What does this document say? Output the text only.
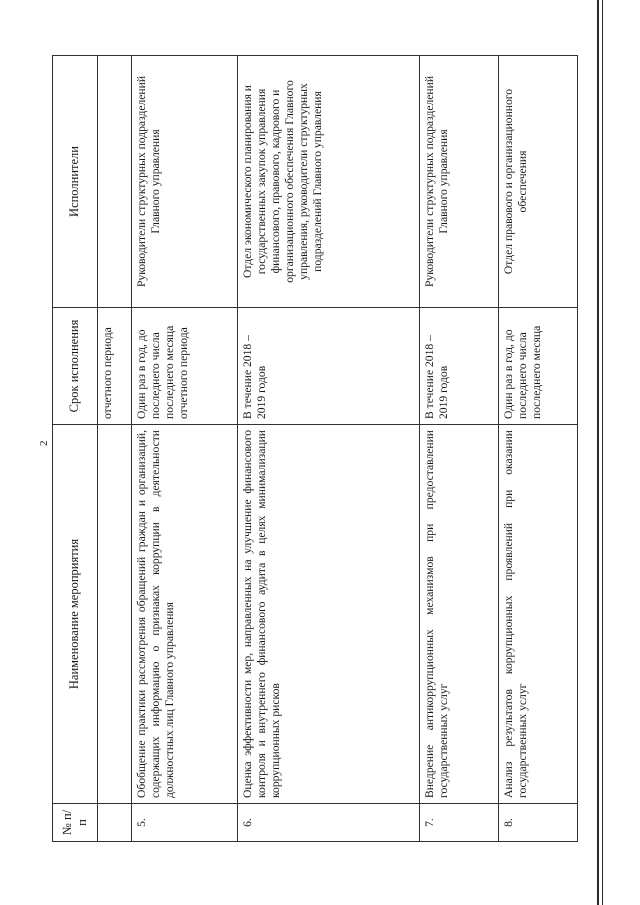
2
№ п/п	Наименование мероприятия	Срок исполнения	Исполнители
		отчетного периода	
5.	Обобщение практики рассмотрения обращений граждан и организаций, содержащих информацию о признаках коррупции в деятельности должностных лиц Главного управления	Один раз в год, до последнего числа последнего месяца отчетного периода	Руководители структурных подразделений Главного управления
6.	Оценка эффективности мер, направленных на улучшение финансового контроля и внутреннего финансового аудита в целях минимализации коррупционных рисков	В течение 2018 – 2019 годов	Отдел экономического планирования и государственных закупок управления финансового, правового, кадрового и организационного обеспечения Главного управления, руководители структурных подразделений Главного управления
7.	Внедрение антикоррупционных механизмов при предоставлении государственных услуг	В течение 2018 – 2019 годов	Руководители структурных подразделений Главного управления
8.	Анализ результатов коррупционных проявлений при оказании государственных услуг	Один раз в год, до последнего числа последнего месяца	Отдел правового и организационного обеспечения
